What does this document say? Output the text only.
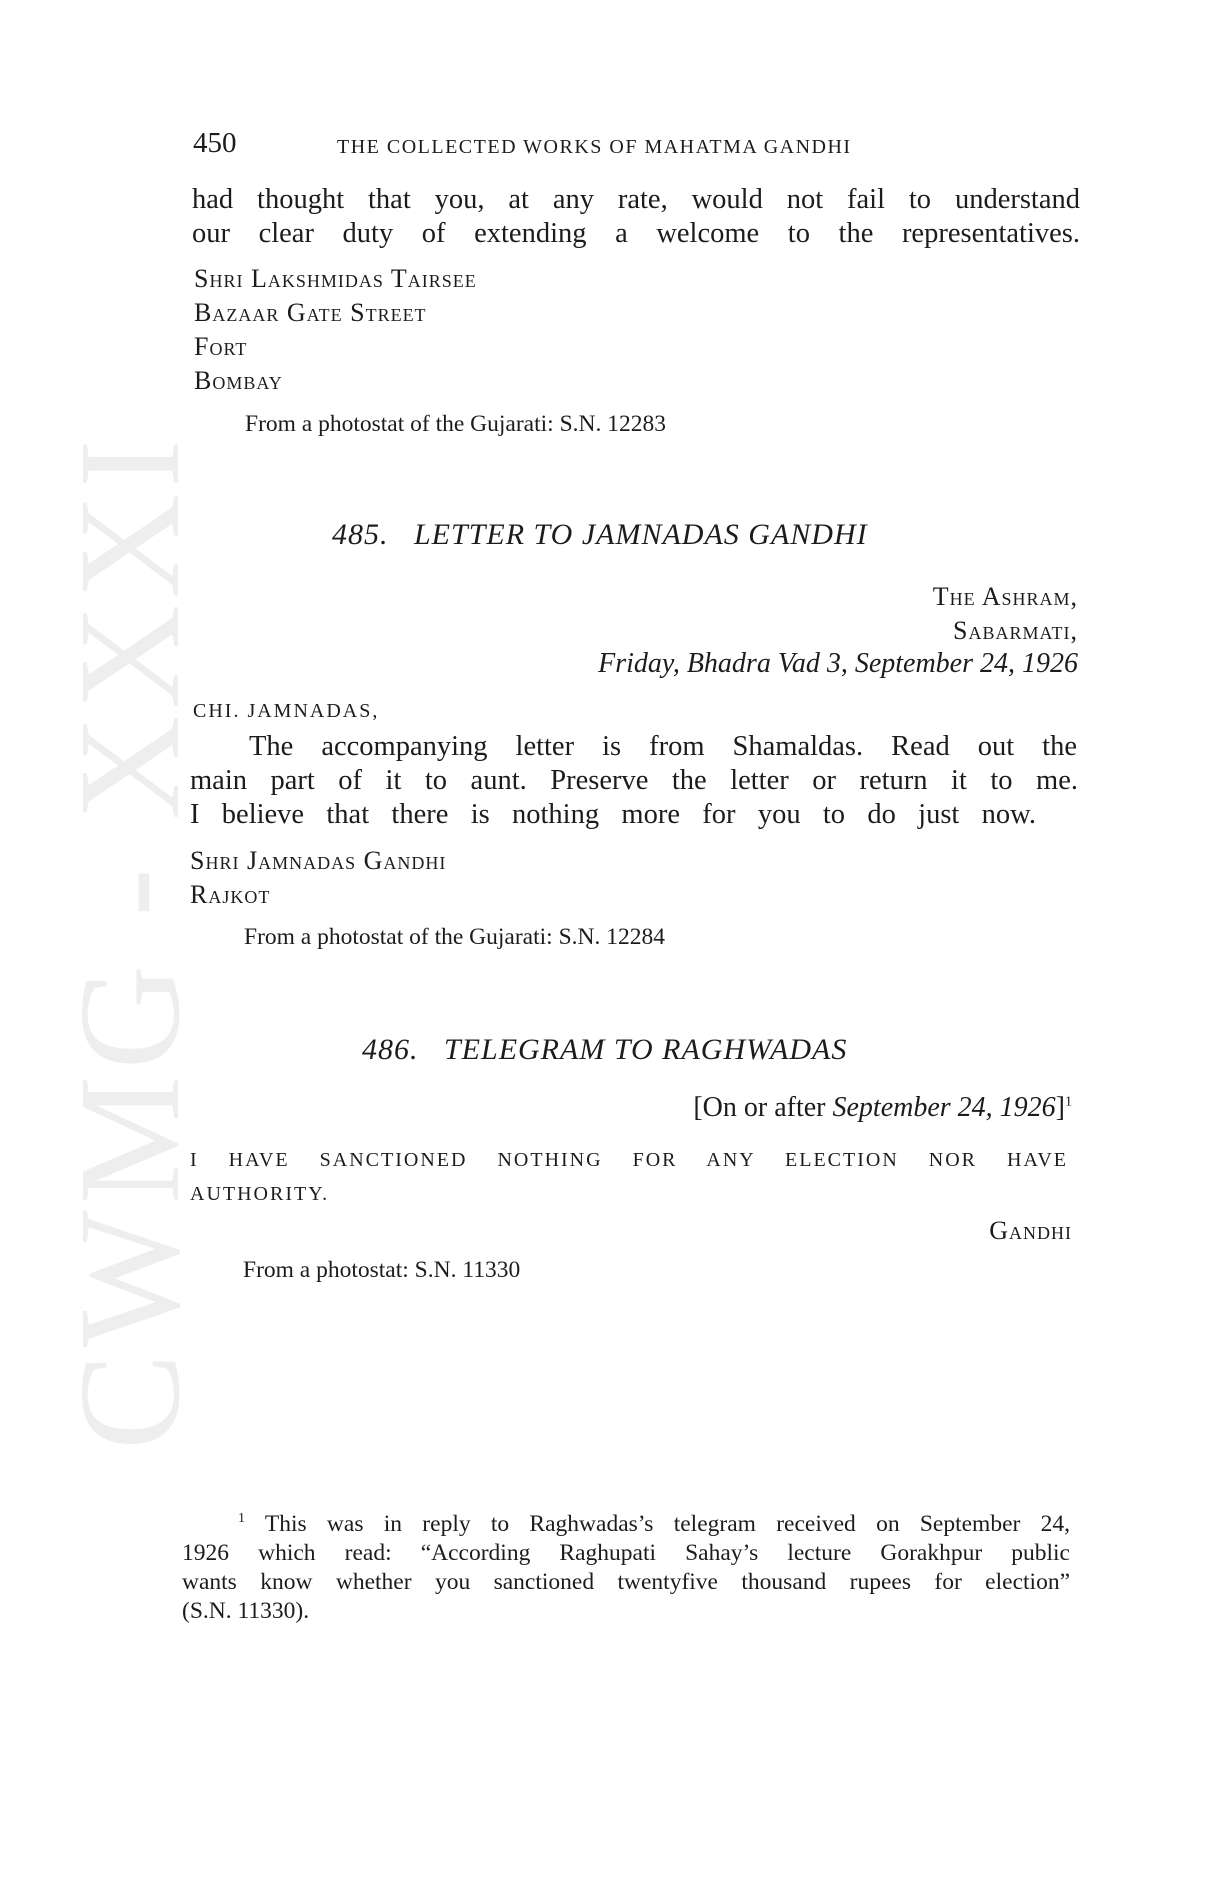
CWMG - XXXI
450	THE COLLECTED WORKS OF MAHATMA GANDHI
had thought that you, at any rate, would not fail to understand
our clear duty of extending a welcome to the representatives.
Shri Lakshmidas Tairsee
Bazaar Gate Street
Fort
Bombay
From a photostat of the Gujarati: S.N. 12283
485. LETTER TO JAMNADAS GANDHI
The Ashram,
Sabarmati,
Friday, Bhadra Vad 3, September 24, 1926
CHI. JAMNADAS,
The accompanying letter is from Shamaldas. Read out the
main part of it to aunt. Preserve the letter or return it to me.
I believe that there is nothing more for you to do just now.
Shri Jamnadas Gandhi
Rajkot
From a photostat of the Gujarati: S.N. 12284
486. TELEGRAM TO RAGHWADAS
[On or after September 24, 1926]$^1$
I HAVE SANCTIONED NOTHING FOR ANY ELECTION NOR HAVE AUTHORITY.
Gandhi
From a photostat: S.N. 11330
$^1$ This was in reply to Raghwadas’s telegram received on September 24,
1926 which read: “According Raghupati Sahay’s lecture Gorakhpur public
wants know whether you sanctioned twentyfive thousand rupees for election”
(S.N. 11330).
